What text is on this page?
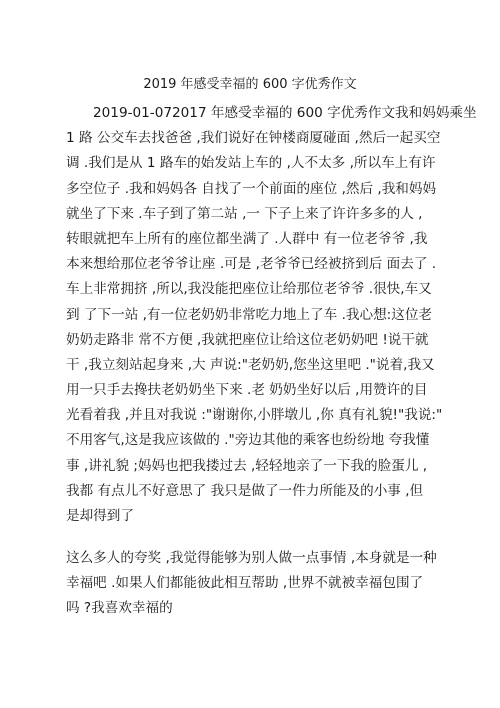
2019 年感受幸福的 600 字优秀作文
2019-01-072017 年感受幸福的 600 字优秀作文我和妈妈乘坐
1 路 公交车去找爸爸 ,我们说好在钟楼商厦碰面 ,然后一起买空
调 .我们是从 1 路车的始发站上车的 ,人不太多 ,所以车上有许
多空位子 .我和妈妈各 自找了一个前面的座位 ,然后 ,我和妈妈
就坐了下来 .车子到了第二站 ,一 下子上来了许许多多的人 ,
转眼就把车上所有的座位都坐满了 .人群中 有一位老爷爷 ,我
本来想给那位老爷爷让座 .可是 ,老爷爷已经被挤到后 面去了 .
车上非常拥挤 ,所以,我没能把座位让给那位老爷爷 .很快,车又
到 了下一站 ,有一位老奶奶非常吃力地上了车 .我心想:这位老
奶奶走路非 常不方便 ,我就把座位让给这位老奶奶吧 !说干就
干 ,我立刻站起身来 ,大 声说:"老奶奶,您坐这里吧 ."说着,我又
用一只手去搀扶老奶奶坐下来 .老 奶奶坐好以后 ,用赞许的目
光看着我 ,并且对我说 :"谢谢你,小胖墩儿 ,你 真有礼貌!"我说:"
不用客气,这是我应该做的 ."旁边其他的乘客也纷纷地 夸我懂
事 ,讲礼貌 ;妈妈也把我搂过去 ,轻轻地亲了一下我的脸蛋儿 ,
我都 有点儿不好意思了 我只是做了一件力所能及的小事 ,但
是却得到了
这么多人的夸奖 ,我觉得能够为别人做一点事情 ,本身就是一种
幸福吧 .如果人们都能彼此相互帮助 ,世界不就被幸福包围了
吗 ?我喜欢幸福的
